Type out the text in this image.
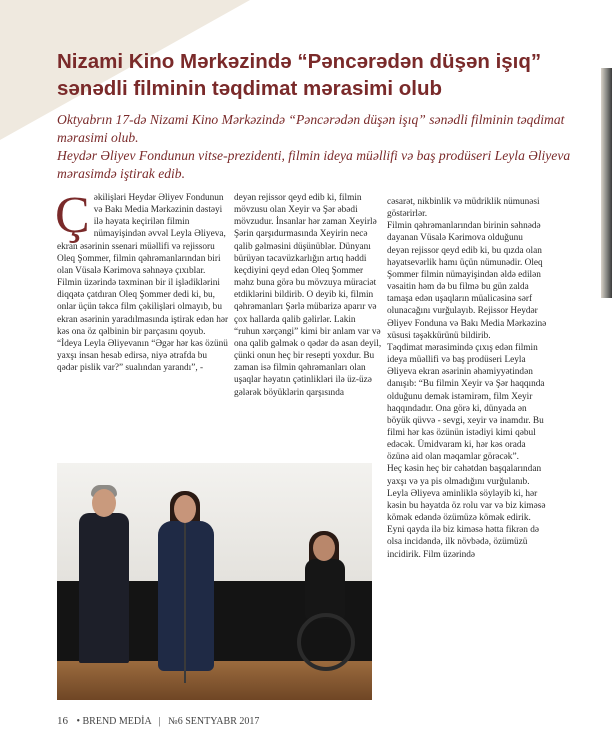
Nizami Kino Mərkəzində “Pəncərədən düşən işıq” sənədli filminin təqdimat mərasimi olub

Oktyabrın 17-də Nizami Kino Mərkəzində “Pəncərədən düşən işıq” sənədli filminin təqdimat mərasimi olub.

Heydər Əliyev Fondunun vitse-prezidenti, filmin ideya müəllifi və baş prodüseri Leyla Əliyeva mərasimdə iştirak edib.

Ç əkilişləri Heydər Əliyev Fondunun və Bakı Media Mərkəzinin dəstəyi ilə həyata keçirilən filmin nümayişindən əvvəl Leyla Əliyeva, ekran əsərinin ssenari müəllifi və rejissoru Oleq Şommer, filmin qəhrəmanlarından biri olan Vüsalə Kərimova səhnəyə çıxıblar.

Filmin üzərində təxminən bir il işlədiklərini diqqətə çatdıran Oleq Şommer dedi ki, bu, onlar üçün təkcə film çəkilişləri olmayıb, bu ekran əsərinin yaradılmasında iştirak edən hər kəs ona öz qəlbinin bir parçasını qoyub.

“İdeya Leyla Əliyevanın “Əgər hər kəs özünü yaxşı insan hesab edirsə, niyə ətrafda bu qədər pislik var?” sualından yarandı”, -

deyən rejissor qeyd edib ki, filmin mövzusu olan Xeyir və Şər əbədi mövzudur. İnsanlar hər zaman Xeyirlə Şərin qarşıdurmasında Xeyirin necə qalib gəlməsini düşünüblər. Dünyanı bürüyən təcavüzkarlığın artıq həddi keçdiyini qeyd edən Oleq Şommer məhz buna görə bu mövzuya müraciət etdiklərini bildirib. O deyib ki, filmin qəhrəmanları Şərlə mübarizə aparır və çox hallarda qalib gəlirlər. Lakin “ruhun xərçəngi” kimi bir anlam var və ona qalib gəlmək o qədər də asan deyil, çünki onun heç bir resepti yoxdur. Bu zaman isə filmin qəhrəmanları olan uşaqlar həyatın çətinlikləri ilə üz-üzə gələrək böyüklərin qarşısında

cəsarət, nikbinlik və müdriklik nümunəsi göstərirlər.

Filmin qəhrəmanlarından birinin səhnədə dayanan Vüsalə Kərimova olduğunu deyən rejissor qeyd edib ki, bu qızda olan həyatsevərlik hamı üçün nümunədir. Oleq Şommer filmin nümayişindən əldə edilən vəsaitin həm də bu filmə bu gün zalda tamaşa edən uşaqların müalicəsinə sərf olunacağını vurğulayıb. Rejissor Heydər Əliyev Fonduna və Bakı Media Mərkəzinə xüsusi təşəkkürünü bildirib.

Təqdimat mərasimində çıxış edən filmin ideya müəllifi və baş prodüseri Leyla Əliyeva ekran əsərinin əhəmiyyətindən danışıb: “Bu filmin Xeyir və Şər haqqında olduğunu demək istəmirəm, film Xeyir haqqındadır. Ona görə ki, dünyada ən böyük qüvvə - sevgi, xeyir və inamdır. Bu filmi hər kəs özünün istədiyi kimi qəbul edəcək. Ümidvaram ki, hər kəs orada özünə aid olan məqamlar görəcək”.

Heç kəsin heç bir cəhətdən başqalarından yaxşı və ya pis olmadığını vurğulanıb. Leyla Əliyeva əminliklə söyləyib ki, hər kəsin bu həyatda öz rolu var və biz kiməsə kömək edəndə özümüzə kömək edirik. Eyni qayda ilə biz kiməsə hətta fikrən də olsa incidəndə, ilk növbədə, özümüzü incidirik. Film üzərində

16 • BREND MEDİA | №6 SENTYABR 2017
